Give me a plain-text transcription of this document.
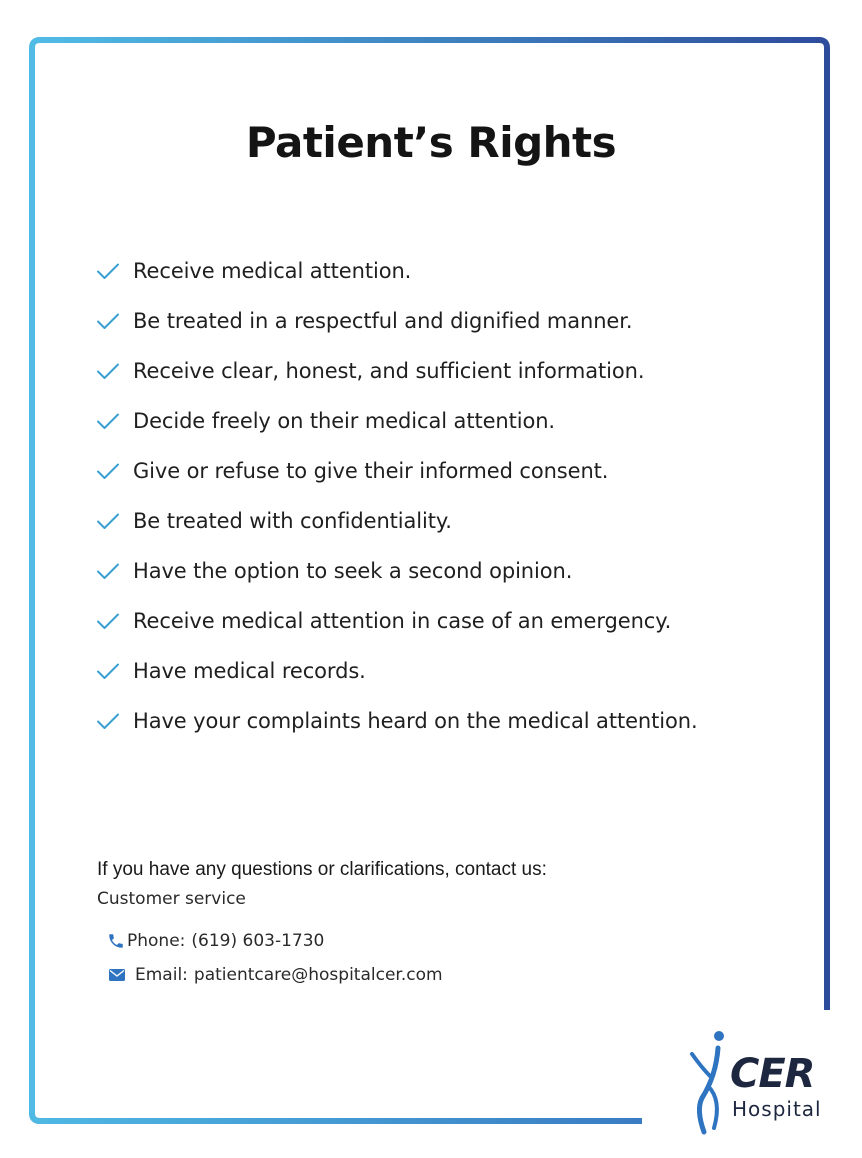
Patient’s Rights
Receive medical attention.
Be treated in a respectful and dignified manner.
Receive clear, honest, and sufficient information.
Decide freely on their medical attention.
Give or refuse to give their informed consent.
Be treated with confidentiality.
Have the option to seek a second opinion.
Receive medical attention in case of an emergency.
Have medical records.
Have your complaints heard on the medical attention.
If you have any questions or clarifications, contact us:
Customer service
Phone: (619) 603-1730
Email: patientcare@hospitalcer.com
CER
Hospital
